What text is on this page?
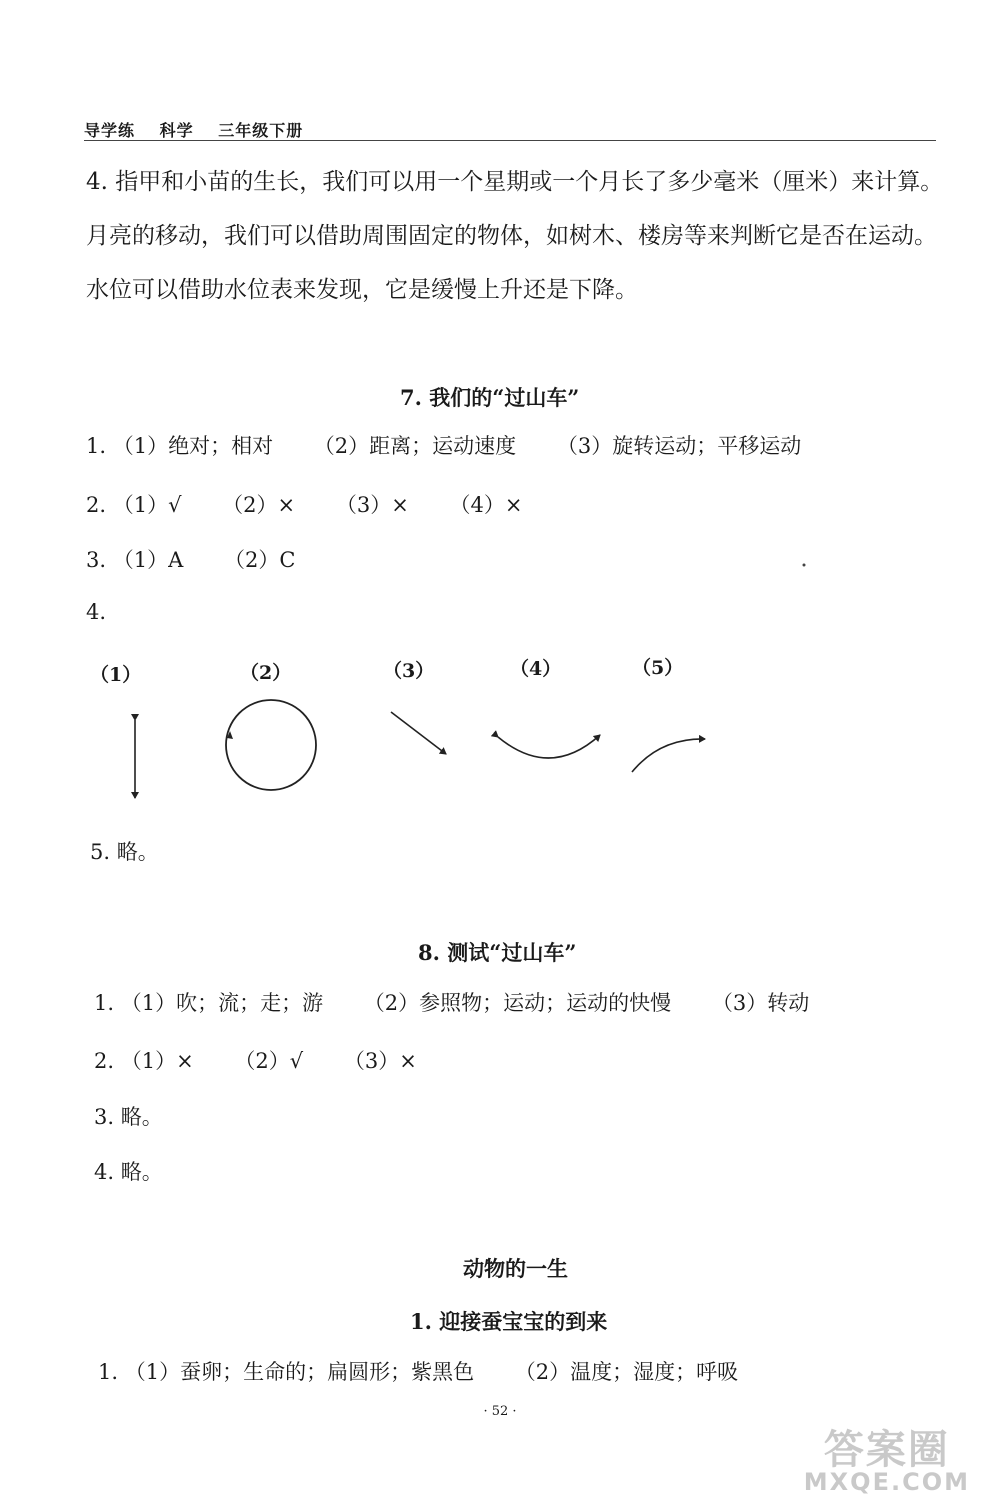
导学练 科学 三年级下册
4. 指甲和小苗的生长，我们可以用一个星期或一个月长了多少毫米（厘米）来计算。月亮的移动，我们可以借助周围固定的物体，如树木、楼房等来判断它是否在运动。水位可以借助水位表来发现，它是缓慢上升还是下降。
7. 我们的“过山车”
1. （1）绝对；相对 （2）距离；运动速度 （3）旋转运动；平移运动
2. （1）√ （2）× （3）× （4）×
3. （1）A （2）C
4.
（1）	（2）	（3）	（4）	（5）
5. 略。
8. 测试“过山车”
1. （1）吹；流；走；游 （2）参照物；运动；运动的快慢 （3）转动
2. （1）× （2）√ （3）×
3. 略。
4. 略。
动物的一生
1. 迎接蚕宝宝的到来
1. （1）蚕卵；生命的；扁圆形；紫黑色 （2）温度；湿度；呼吸
· 52 ·
答案圈
MXQE.COM
